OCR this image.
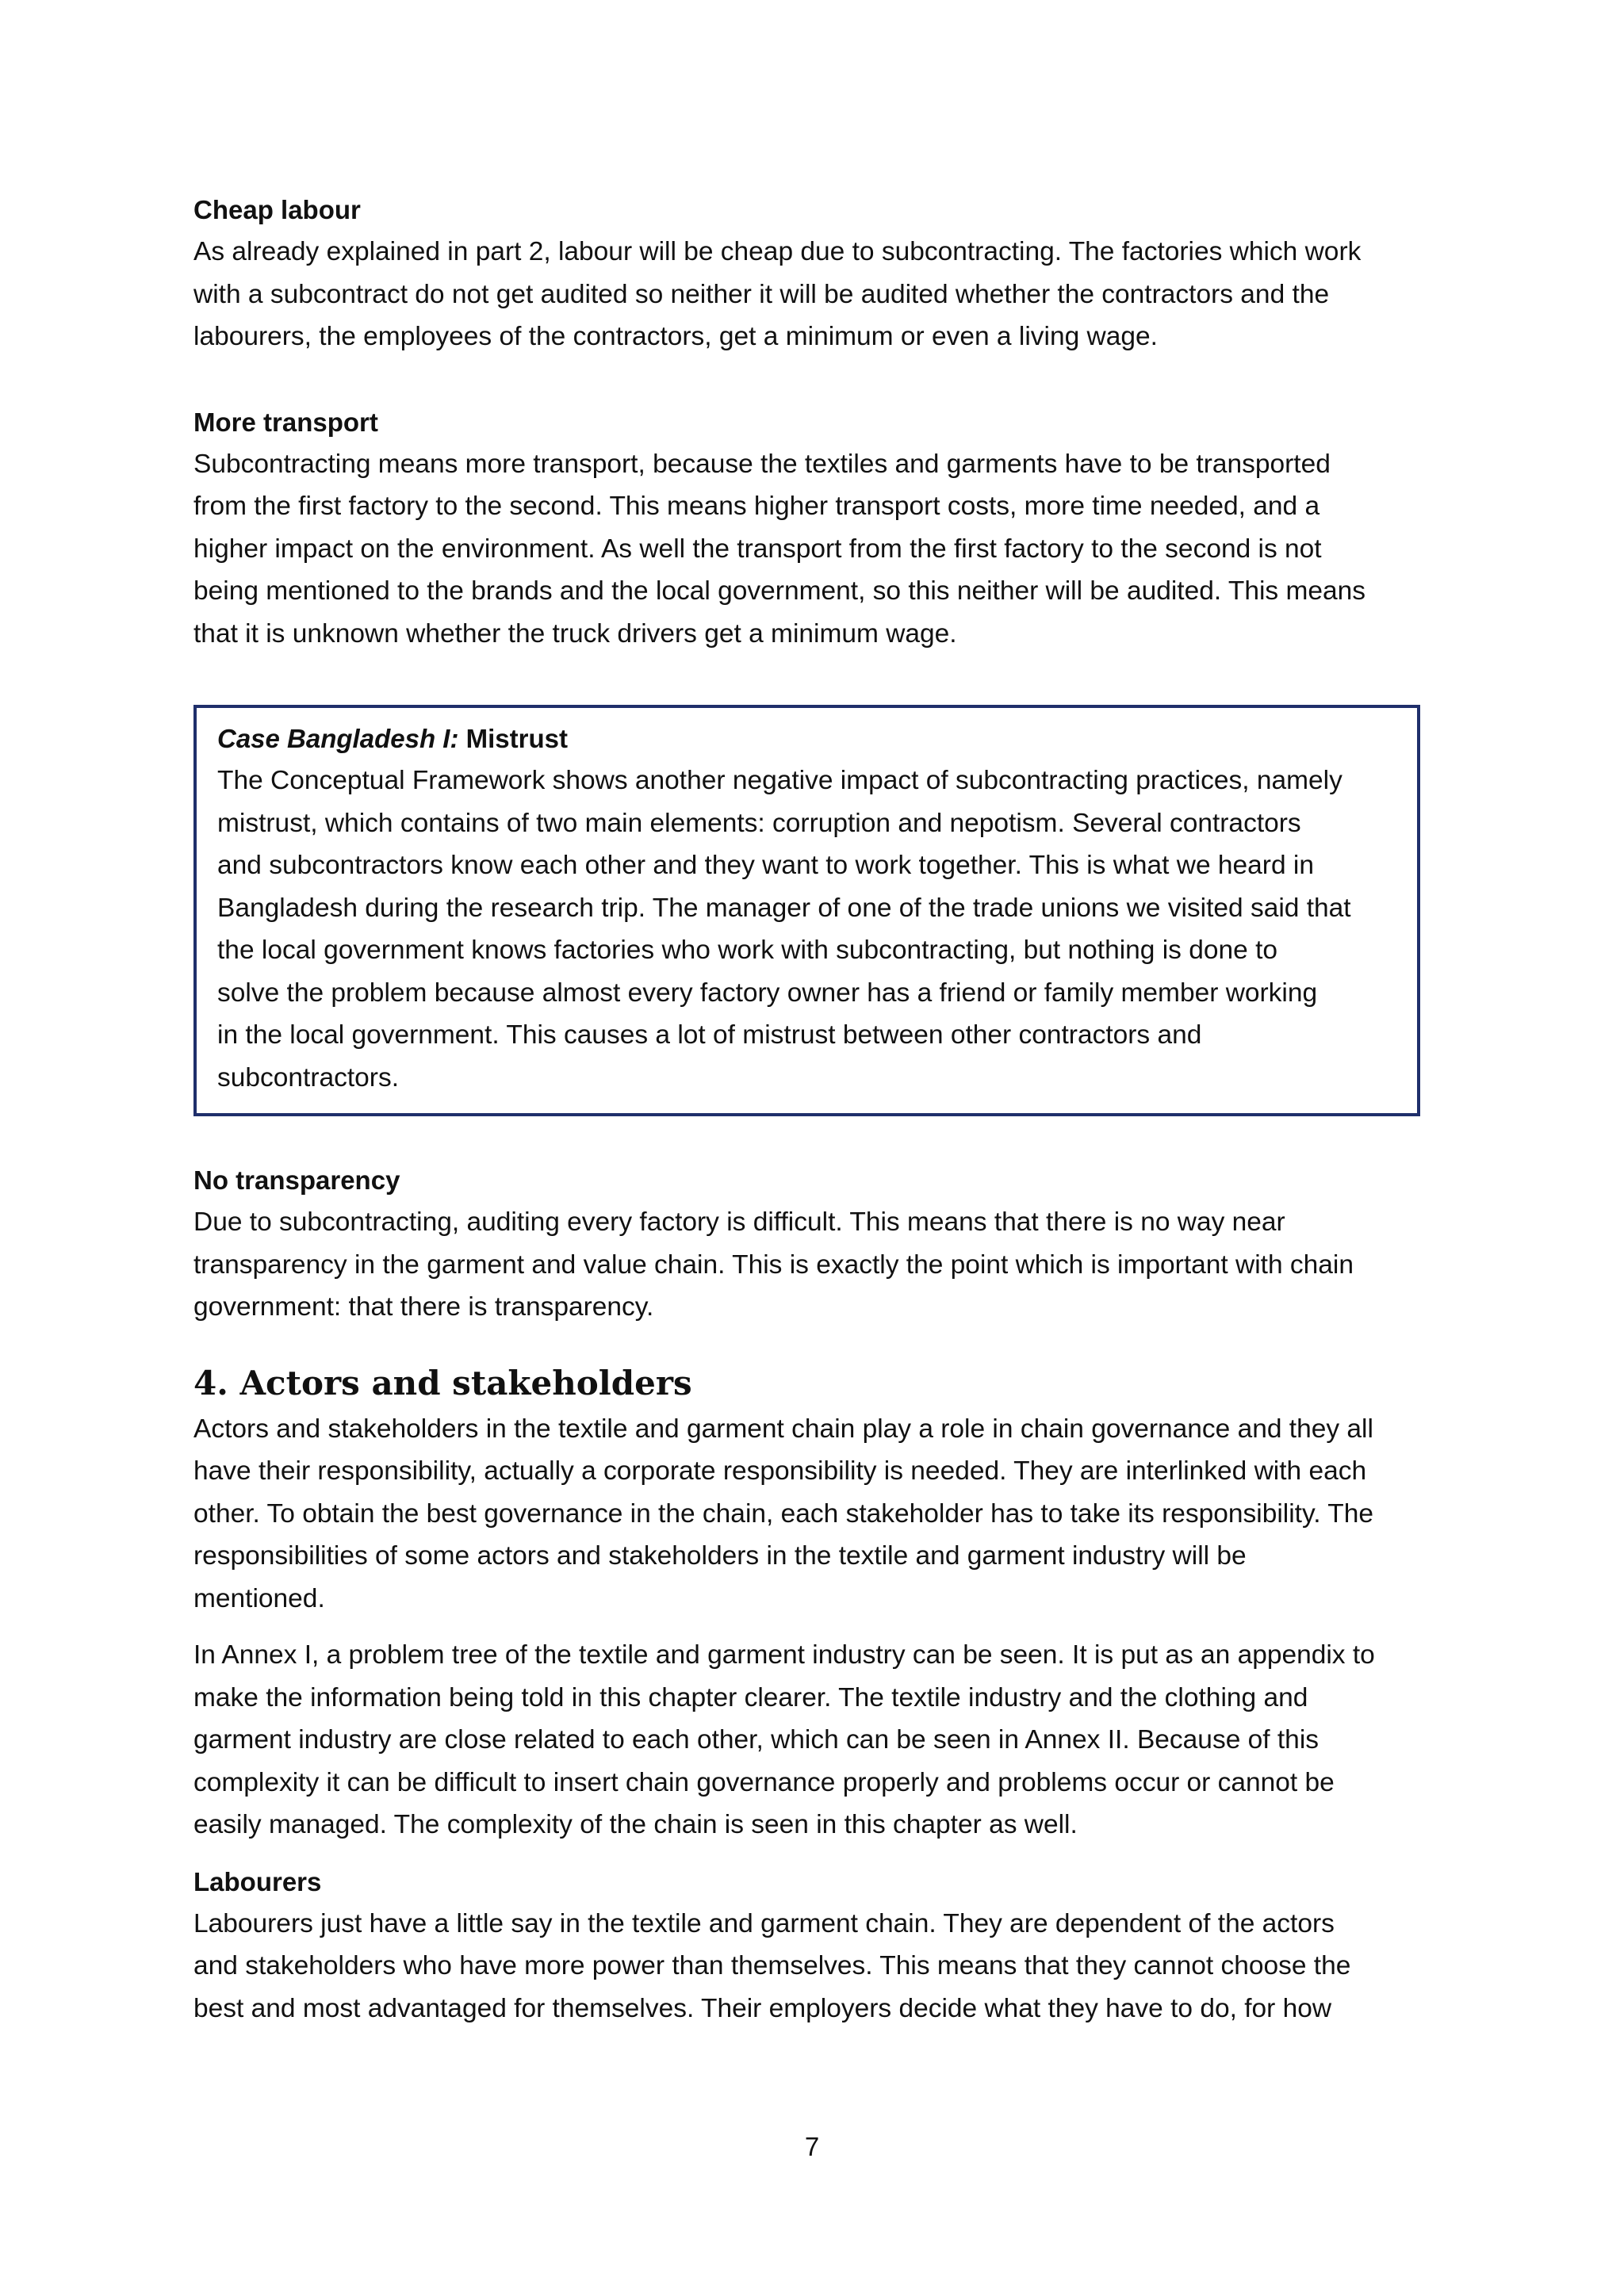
Cheap labour

As already explained in part 2, labour will be cheap due to subcontracting. The factories which work

with a subcontract do not get audited so neither it will be audited whether the contractors and the

labourers, the employees of the contractors, get a minimum or even a living wage.

More transport

Subcontracting means more transport, because the textiles and garments have to be transported

from the first factory to the second. This means higher transport costs, more time needed, and a

higher impact on the environment. As well the transport from the first factory to the second is not

being mentioned to the brands and the local government, so this neither will be audited. This means

that it is unknown whether the truck drivers get a minimum wage.

Case Bangladesh I: Mistrust

The Conceptual Framework shows another negative impact of subcontracting practices, namely

mistrust, which contains of two main elements: corruption and nepotism. Several contractors

and subcontractors know each other and they want to work together. This is what we heard in

Bangladesh during the research trip. The manager of one of the trade unions we visited said that

the local government knows factories who work with subcontracting, but nothing is done to

solve the problem because almost every factory owner has a friend or family member working

in the local government. This causes a lot of mistrust between other contractors and

subcontractors.

No transparency

Due to subcontracting, auditing every factory is difficult. This means that there is no way near

transparency in the garment and value chain. This is exactly the point which is important with chain

government: that there is transparency.

4. Actors and stakeholders

Actors and stakeholders in the textile and garment chain play a role in chain governance and they all

have their responsibility, actually a corporate responsibility is needed. They are interlinked with each

other. To obtain the best governance in the chain, each stakeholder has to take its responsibility. The

responsibilities of some actors and stakeholders in the textile and garment industry will be

mentioned.

In Annex I, a problem tree of the textile and garment industry can be seen. It is put as an appendix to

make the information being told in this chapter clearer. The textile industry and the clothing and

garment industry are close related to each other, which can be seen in Annex II. Because of this

complexity it can be difficult to insert chain governance properly and problems occur or cannot be

easily managed. The complexity of the chain is seen in this chapter as well.

Labourers

Labourers just have a little say in the textile and garment chain. They are dependent of the actors

and stakeholders who have more power than themselves. This means that they cannot choose the

best and most advantaged for themselves. Their employers decide what they have to do, for how

7
